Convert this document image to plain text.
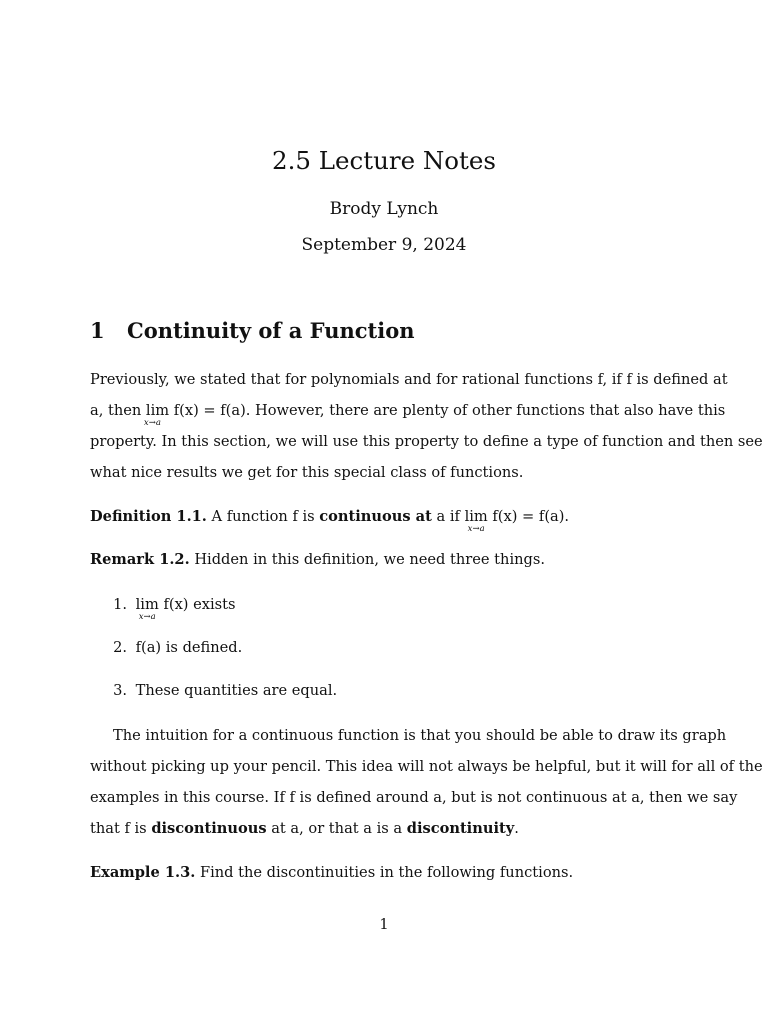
2.5 Lecture Notes
Brody Lynch
September 9, 2024
1 Continuity of a Function
Previously, we stated that for polynomials and for rational functions f, if f is defined at
a, then lim
x→a
f(x) = f(a). However, there are plenty of other functions that also have this
property. In this section, we will use this property to define a type of function and then see
what nice results we get for this special class of functions.
Definition 1.1. A function f is continuous at a if lim
x→a
f(x) = f(a).
Remark 1.2. Hidden in this definition, we need three things.
1. lim
x→a
f(x) exists
2. f(a) is defined.
3. These quantities are equal.
The intuition for a continuous function is that you should be able to draw its graph
without picking up your pencil. This idea will not always be helpful, but it will for all of the
examples in this course. If f is defined around a, but is not continuous at a, then we say
that f is discontinuous at a, or that a is a discontinuity.
Example 1.3. Find the discontinuities in the following functions.
1
